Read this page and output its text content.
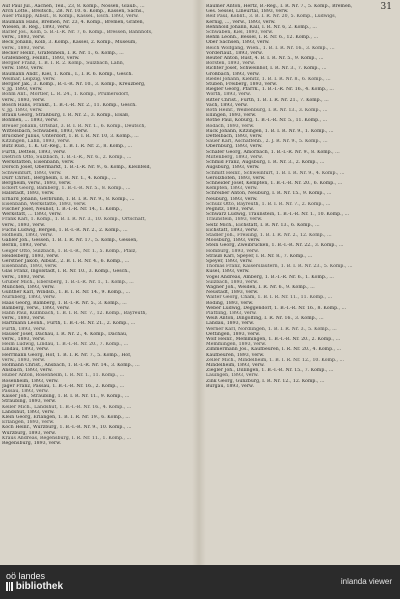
31
Auf Paul Jul., Aachen, Teil., 23, 8. Komp., Nossen, Glaub., ...
Arch Lotte., Breitsch., 2B. Nr. 10. 6. Komp., Kässen, Sachs.,
Auer Philipp, Albsit., 8. Komp., Kassel., Esch. 1893, verw.
Baumann Hans, Bremen, Nr. 23, 4. Komp., Bremen, Grafen,
Wiesen, B. Reg., 1893, verw.
Bärler Jos., Köln, 5. B.-I.-R. Nr. 7, 6. Komp., Bressen, Bahnhofs,
verw., 1893, verw.
Beck Johann, Kolb, 3. Komp., Kassel, 2. Komp., Museum,
verw., 1893, verw.
Becker Heinr., Gräfenhein, I. R. Nr. 1., 6. Komp., ...
Grafenberg, Feinnt., 1893, verw.
Bergler Franz, 1. B. I. R. 2. Komp., Sulzbach, Lahn,
verw. 1893, verw.
Baumann Andr., Kiel, 1. Kom., I., I. R. 6. Komp., Gesch.
Weimar, Leipzig, verw.
Bergler Jak., 3. Komp., B.-I.-R. Nr. 10., 3. Komp., Kreuzberg,
v. Jg. 1893, verw.
Böhm Ant., Mortler, L. R. 24., 1. Komp., Prümersdorf,
verw., 1893, verw.
Bosch Hans, Frankf., 1. B.-I.-R. Nr. 2., 11. Komp., Gesch.
v. Jg. 1893, verw.
Braun Georg, Straßburg, I. R. Nr. 2., 3. Komp., Elsaß,
Böhmen, ... 1893, verw.
Breuer Johann, Ortshat, 3. B. I. R. Nr. 1., 6. Komp., Deutsch,
Wittelsbach, Schwaben, 1893, verw.
Bruckner Julius, Unterdorf, 1. B. I. R. Nr. 10, 3. Komp., ...
Kitzingen, Lahn, 1893, verw.
Butz Rud., 1. K. Gr.-Reg., 1. B. I. R. Nr. 2., 8. Komp., ...
Fürth, Dettels, 1893, verw.
Dietrich Otto, Sulzbach, 1. B.-I.-R., Nr. 6., 2. Komp., ...
Werkstätten, Eisenbahn, verw.
Dorsch Josef, Obermarkt, 1. B.-I.-R. Nr. 9., 6. Komp., Kleinfeld,
Schweinfurt, 1893, verw.
Dürr Christ., Bergheim, I. R. Nr. 1., 4. Komp., ...
Bergheim, verw., 1893, verw.
Eckert Georg, Bamberg, 1. B.-I.-R. Nr. 5., 8. Komp., ...
Hallstadt, 1893, verw.
Erhard Johann, Gerbrunn, 1. B. I. R. Nr. 9., 8. Komp., ...
Eisenbahn, Werkstätte, 1893, verw.
Fischer Josef, Neuhof, 1. B.-I.-R. Nr. 14., 1. Komp.,
Werkstatt, ... 1893, verw.
Frank Karl, 1. Komp., 1. B. I. R. Nr. 3., 10. Komp., Ortschaft,
verw., 1893, verw.
Fuchs Ludwig, Bergen, 1. B.-I.-R. Nr. 2., 2. Komp., ...
Hofheim, 1893, verw.
Gabler Joh., Gessen, 1. B. I. R. Nr. 17., 5. Komp., Gessen,
Berlin, 1893, verw.
Geiger Otto, Sulzbach, 1. B.-I.-R., Nr. 1., 5. Komp., Pfalz,
Heidelberg, 1893, verw.
Gerstner Jakob, Albsat., 2. B. I. R. Nr. 4., 6. Komp., ...
Eisenbahn, 1893, verw.
Glas Franz, Ingolstadt, I. R. Nr. 10., 3. Komp., Gesch.,
verw., 1893, verw.
Gruber Mich., Ebersberg, 1. B.-I.-R. Nr. 1., 1. Komp., ...
München, 1893, verw.
Günther Karl, Windsb., 1. B. I. R. Nr. 14., 9. Komp., ...
Nürnberg, 1893, verw.
Haas Georg, Bamberg, 1. B.-I.-R. Nr. 5., 3. Komp., ...
Bamberg, verw., 1893, verw.
Hahn Paul, Kulmbach, 1. B. I. R. Nr. 7., 12. Komp., Bayreuth,
verw., 1893, verw.
Hartmann Leonh., Fürth, 1. B.-I.-R. Nr. 21., 2. Komp., ...
Fürth, 1893, verw.
Hauser Josef, Dachau, I. R. Nr. 2., 4. Komp., Dachau,
verw., 1893, verw.
Heim Ludwig, Lindau, 1. B.-I.-R. Nr. 20., 7. Komp., ...
Lindau, 1893, verw.
Herrmann Georg, Hof, 1. B. I. R. Nr. 7., 5. Komp., Hof,
verw., 1893, verw.
Hofmann Christ., Ansbach, 1. B.-I.-R. Nr. 14., 3. Komp., ...
Ansbach, 1893, verw.
Huber Anton, Rosenheim, I. R. Nr. 1., 11. Komp., ...
Rosenheim, 1893, verw.
Jäger Franz, Passau, 1. B.-I.-R. Nr. 16., 2. Komp., ...
Passau, 1893, verw.
Kaiser Joh., Straubing, 1. B. I. R. Nr. 11., 9. Komp., ...
Straubing, 1893, verw.
Keller Mich., Landshut, 1. B.-I.-R. Nr. 16., 4. Komp., ...
Landshut, 1893, verw.
Klein Georg, Erlangen, 1. B. I. R. Nr. 19., 6. Komp., ...
Erlangen, 1893, verw.
Koch Heinr., Würzburg, 1. B.-I.-R. Nr. 9., 10. Komp., ...
Würzburg, 1893, verw.
Kraus Andreas, Regensburg, I. R. Nr. 11., 1. Komp., ...
Regensburg, 1893, verw.
Raumer Anton, Hertz, B.-Reg., I. R. Nr. 7., 5. Komp., Bremen,
Ges. Sessel, Lineurtal, 1893, verw.
Reif Paul, Koblit., 3. B. I. R. Nr. 20, 5. Komp., Ludwigs,
Kernig, ..., verw., 1893, verw.
Rehnhold Johann, Kall, I. R. Nr. 6, 2. Komp., ...
Schwaben, Kiel, 1893, verw.
Rehm Leonh., Bessel, I. R. Nr. 6., 12. Komp., ...
Ober Sachsen, 1893, verw.
Reich Wolfgang, Wien., 1. B. I. R. Nr. 16., 3. Komp., ...
Vorderlauf., 1893, verw.
Reuter Anton, Rust, 4. B. I. R. Nr. 5., 9. Komp., ...
Borsten, 1893, verw.
Richter Josef, Schweinhof, I. R. Nr. 3., 7. Komp., ...
Großbach, 1893, verw.
Riedel Johann, Kienitz, 1. B. I. R. Nr. 8., 6. Komp., ...
Stuben, Freiberg, 1893, verw.
Riegler Georg, Pfarrk., 1. B.-I.-R. Nr. 16., 4. Komp., ...
Wörth, 1893, verw.
Ritter Christ., Fürth, 1. B. I. R. Nr. 21., 7. Komp., ...
Vach, 1893, verw.
Roth Heinr., Weißenburg, I. R. Nr. 13., 3. Komp., ...
Ellingen, 1893, verw.
Rothe Paul, Koburg, 1. B.-I.-R. Nr. 5., 11. Komp., ...
Rodach, 1893, verw.
Rück Johann, Kitzingen, 1. B. I. R. Nr. 9., 1. Komp., ...
Dettelbach, 1893, verw.
Sauer Karl, Aschaffenb., 2. J. R. Nr. 9., 5. Komp., ...
Obernburg, 1893, verw.
Schäfer Georg, Amorbach, 1. B.-I.-R. Nr. 9., 8. Komp., ...
Miltenberg, 1893, verw.
Schmid Franz, Augsburg, I. R. Nr. 3., 2. Komp., ...
Augsburg, 1893, verw.
Schmitt Heinr., Schweinfurt, 1. B. I. R. Nr. 9., 4. Komp., ...
Gerolzhofen, 1893, verw.
Schneider Josef, Kempten, 1. B.-I.-R. Nr. 20., 6. Komp., ...
Kempten, 1893, verw.
Schreiber Anton, Neuburg, I. R. Nr. 15., 9. Komp., ...
Neuburg, 1893, verw.
Schulz Otto, Bayreuth, 1. B. I. R. Nr. 7., 2. Komp., ...
Pegnitz, 1893, verw.
Schwarz Ludwig, Traunstein, 1. B.-I.-R. Nr. 1., 10. Komp., ...
Traunstein, 1893, verw.
Seitz Mich., Eichstätt, I. R. Nr. 13., 6. Komp., ...
Eichstätt, 1893, verw.
Stadler Joh., Freising, 1. B. I. R. Nr. 2., 12. Komp., ...
Moosburg, 1893, verw.
Stein Georg, Zweibrücken, 1. B.-I.-R. Nr. 22., 3. Komp., ...
Homburg, 1893, verw.
Strauß Karl, Speyer, I. R. Nr. 8., 7. Komp., ...
Speyer, 1893, verw.
Thomas Franz, Kaiserslautern, 1. B. I. R. Nr. 23., 5. Komp., ...
Kusel, 1893, verw.
Vogel Andreas, Amberg, 1. B.-I.-R. Nr. 6., 1. Komp., ...
Sulzbach, 1893, verw.
Wagner Joh., Weiden, I. R. Nr. 6., 9. Komp., ...
Neustadt, 1893, verw.
Walter Georg, Cham, 1. B. I. R. Nr. 11., 11. Komp., ...
Roding, 1893, verw.
Weber Ludwig, Deggendorf, 1. B.-I.-R. Nr. 16., 8. Komp., ...
Plattling, 1893, verw.
Weiß Anton, Dingolfing, I. R. Nr. 16., 3. Komp., ...
Landau, 1893, verw.
Werner Karl, Nördlingen, 1. B. I. R. Nr. 3., 5. Komp., ...
Oettingen, 1893, verw.
Wolf Heinr., Memmingen, 1. B.-I.-R. Nr. 20., 2. Komp., ...
Memmingen, 1893, verw.
Zimmermann Jos., Kaufbeuren, I. R. Nr. 20., 4. Komp., ...
Kaufbeuren, 1893, verw.
Zeller Mich., Mindelheim, 1. B. I. R. Nr. 12., 10. Komp., ...
Mindelheim, 1893, verw.
Ziegler Joh., Dillingen, 1. B.-I.-R. Nr. 15., 7. Komp., ...
Lauingen, 1893, verw.
Zink Georg, Günzburg, I. R. Nr. 12., 12. Komp., ...
Burgau, 1893, verw.
oö landes
bibliothek	inlanda viewer
